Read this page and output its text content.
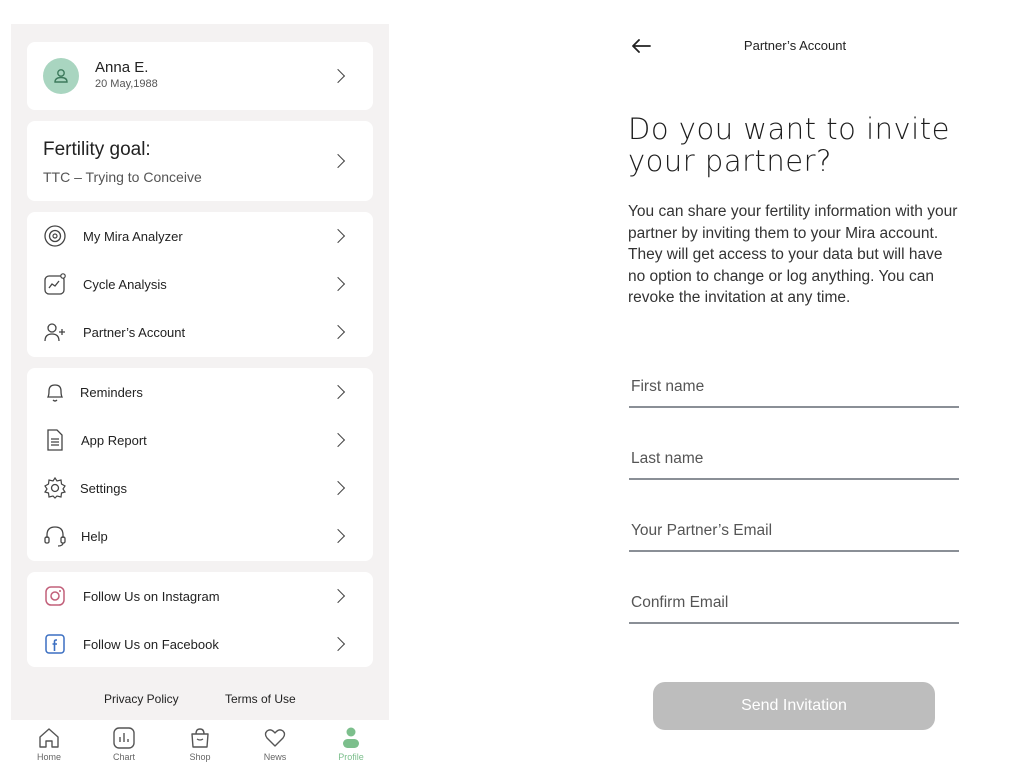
Anna E.
20 May,1988
Fertility goal:
TTC – Trying to Conceive
My Mira Analyzer
Cycle Analysis
Partner’s Account
Reminders
App Report
Settings
Help
Follow Us on Instagram
Follow Us on Facebook
Privacy Policy	Terms of Use
Home	Chart	Shop	News	Profile
Partner’s Account
Do you want to invite your partner?

You can share your fertility information with your partner by inviting them to your Mira account. They will get access to your data but will have no option to change or log anything. You can revoke the invitation at any time.

First name
Last name
Your Partner’s Email
Confirm Email
Send Invitation
